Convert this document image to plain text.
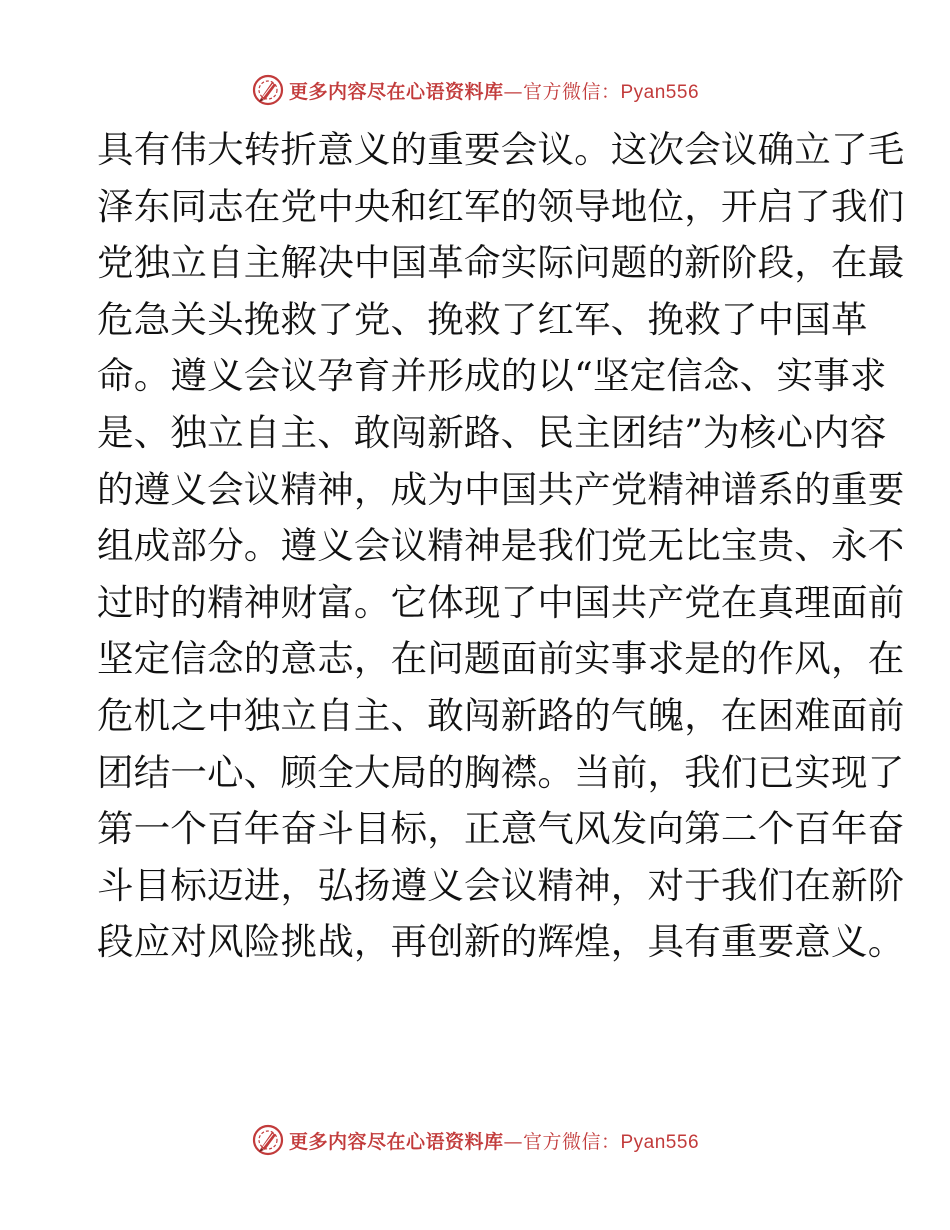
更多内容尽在心语资料库—官方微信：Pyan556
具有伟大转折意义的重要会议。这次会议确立了毛
泽东同志在党中央和红军的领导地位，开启了我们
党独立自主解决中国革命实际问题的新阶段，在最
危急关头挽救了党、挽救了红军、挽救了中国革
命。遵义会议孕育并形成的以“坚定信念、实事求
是、独立自主、敢闯新路、民主团结”为核心内容
的遵义会议精神，成为中国共产党精神谱系的重要
组成部分。遵义会议精神是我们党无比宝贵、永不
过时的精神财富。它体现了中国共产党在真理面前
坚定信念的意志，在问题面前实事求是的作风，在
危机之中独立自主、敢闯新路的气魄，在困难面前
团结一心、顾全大局的胸襟。当前，我们已实现了
第一个百年奋斗目标，正意气风发向第二个百年奋
斗目标迈进，弘扬遵义会议精神，对于我们在新阶
段应对风险挑战，再创新的辉煌，具有重要意义。
更多内容尽在心语资料库—官方微信：Pyan556
